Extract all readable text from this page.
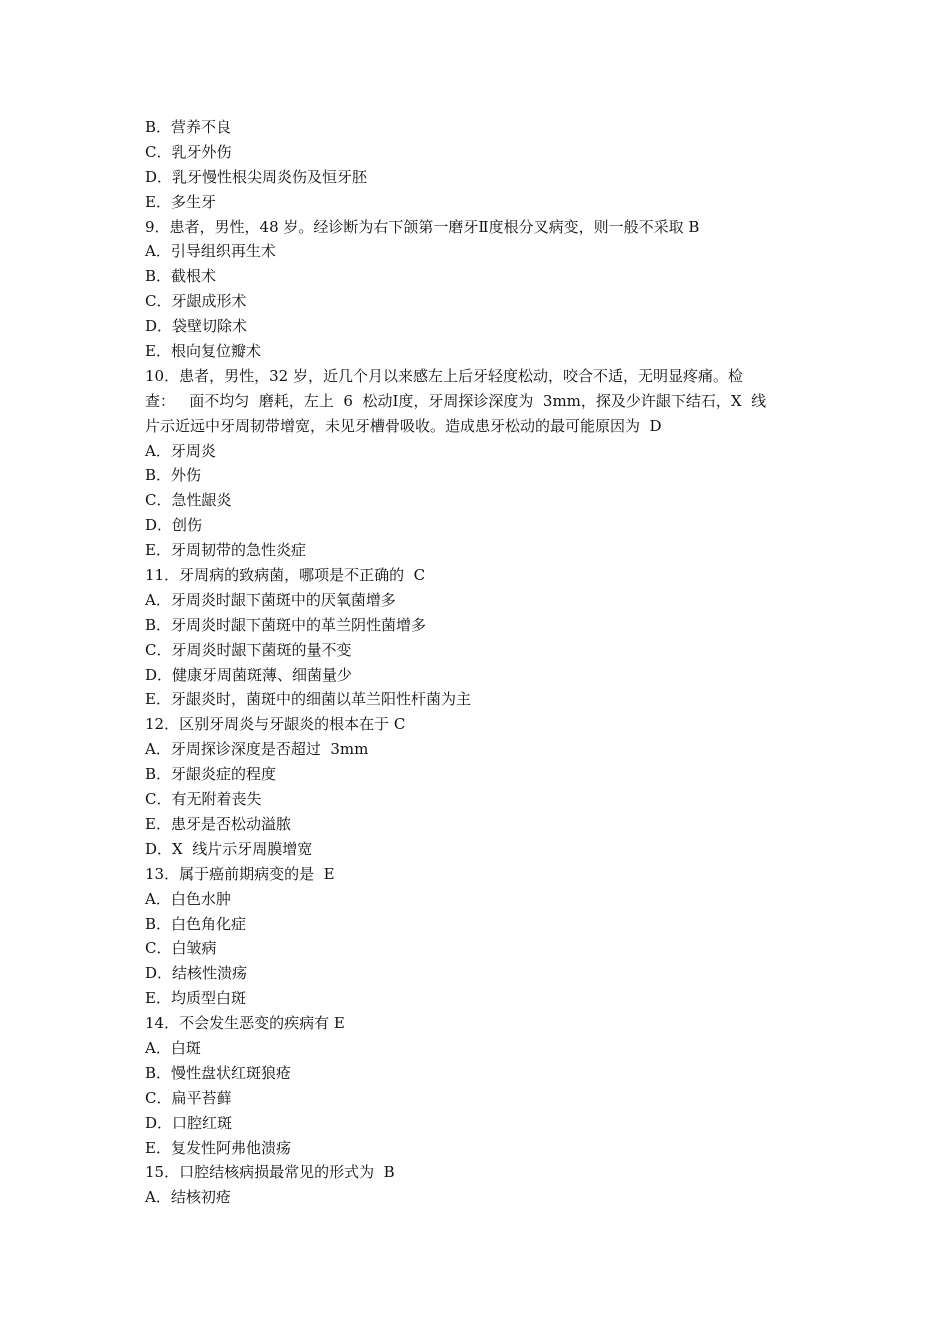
B．营养不良
C．乳牙外伤
D．乳牙慢性根尖周炎伤及恒牙胚
E．多生牙
9．患者，男性，48 岁。经诊断为右下颌第一磨牙Ⅱ度根分叉病变，则一般不采取 B
A．引导组织再生术
B．截根术
C．牙龈成形术
D．袋壁切除术
E．根向复位瓣术
10．患者，男性，32 岁，近几个月以来感左上后牙轻度松动，咬合不适，无明显疼痛。检
查：   面不均匀  磨耗，左上  6  松动Ⅰ度，牙周探诊深度为  3mm，探及少许龈下结石，X  线
片示近远中牙周韧带增宽，未见牙槽骨吸收。造成患牙松动的最可能原因为  D
A．牙周炎
B．外伤
C．急性龈炎
D．创伤
E．牙周韧带的急性炎症
11．牙周病的致病菌，哪项是不正确的  C
A．牙周炎时龈下菌斑中的厌氧菌增多
B．牙周炎时龈下菌斑中的革兰阴性菌增多
C．牙周炎时龈下菌斑的量不变
D．健康牙周菌斑薄、细菌量少
E．牙龈炎时，菌斑中的细菌以革兰阳性杆菌为主
12．区别牙周炎与牙龈炎的根本在于 C
A．牙周探诊深度是否超过  3mm
B．牙龈炎症的程度
C．有无附着丧失
E．患牙是否松动溢脓
D．X  线片示牙周膜增宽
13．属于癌前期病变的是  E
A．白色水肿
B．白色角化症
C．白皱病
D．结核性溃疡
E．均质型白斑
14．不会发生恶变的疾病有 E
A．白斑
B．慢性盘状红斑狼疮
C．扁平苔藓
D．口腔红斑
E．复发性阿弗他溃疡
15．口腔结核病损最常见的形式为  B
A．结核初疮
